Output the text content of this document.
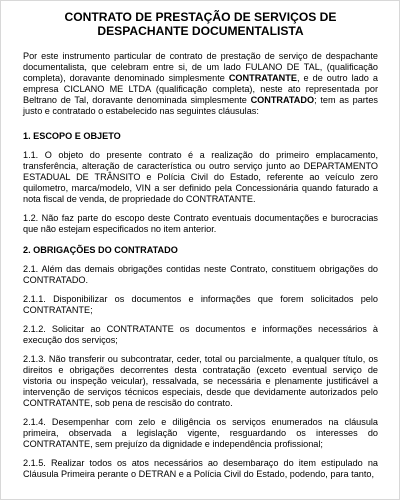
CONTRATO DE PRESTAÇÃO DE SERVIÇOS DE
DESPACHANTE DOCUMENTALISTA

Por este instrumento particular de contrato de prestação de serviço de despachante documentalista, que celebram entre si, de um lado FULANO DE TAL, (qualificação completa), doravante denominado simplesmente CONTRATANTE, e de outro lado a empresa CICLANO ME LTDA (qualificação completa), neste ato representada por Beltrano de Tal, doravante denominada simplesmente CONTRATADO; tem as partes justo e contratado o estabelecido nas seguintes cláusulas:

1. ESCOPO E OBJETO

1.1. O objeto do presente contrato é a realização do primeiro emplacamento, transferência, alteração de característica ou outro serviço junto ao DEPARTAMENTO ESTADUAL DE TRÂNSITO e Polícia Civil do Estado, referente ao veículo zero quilometro, marca/modelo, VIN a ser definido pela Concessionária quando faturado a nota fiscal de venda, de propriedade do CONTRATANTE.

1.2. Não faz parte do escopo deste Contrato eventuais documentações e burocracias que não estejam especificados no item anterior.

2. OBRIGAÇÕES DO CONTRATADO

2.1. Além das demais obrigações contidas neste Contrato, constituem obrigações do CONTRATADO.

2.1.1. Disponibilizar os documentos e informações que forem solicitados pelo CONTRATANTE;

2.1.2. Solicitar ao CONTRATANTE os documentos e informações necessários à execução dos serviços;

2.1.3. Não transferir ou subcontratar, ceder, total ou parcialmente, a qualquer título, os direitos e obrigações decorrentes desta contratação (exceto eventual serviço de vistoria ou inspeção veicular), ressalvada, se necessária e plenamente justificável a intervenção de serviços técnicos especiais, desde que devidamente autorizados pelo CONTRATANTE, sob pena de rescisão do contrato.

2.1.4. Desempenhar com zelo e diligência os serviços enumerados na cláusula primeira, observada a legislação vigente, resguardando os interesses do CONTRATANTE, sem prejuízo da dignidade e independência profissional;

2.1.5. Realizar todos os atos necessários ao desembaraço do item estipulado na Cláusula Primeira perante o DETRAN e a Polícia Civil do Estado, podendo, para tanto,
